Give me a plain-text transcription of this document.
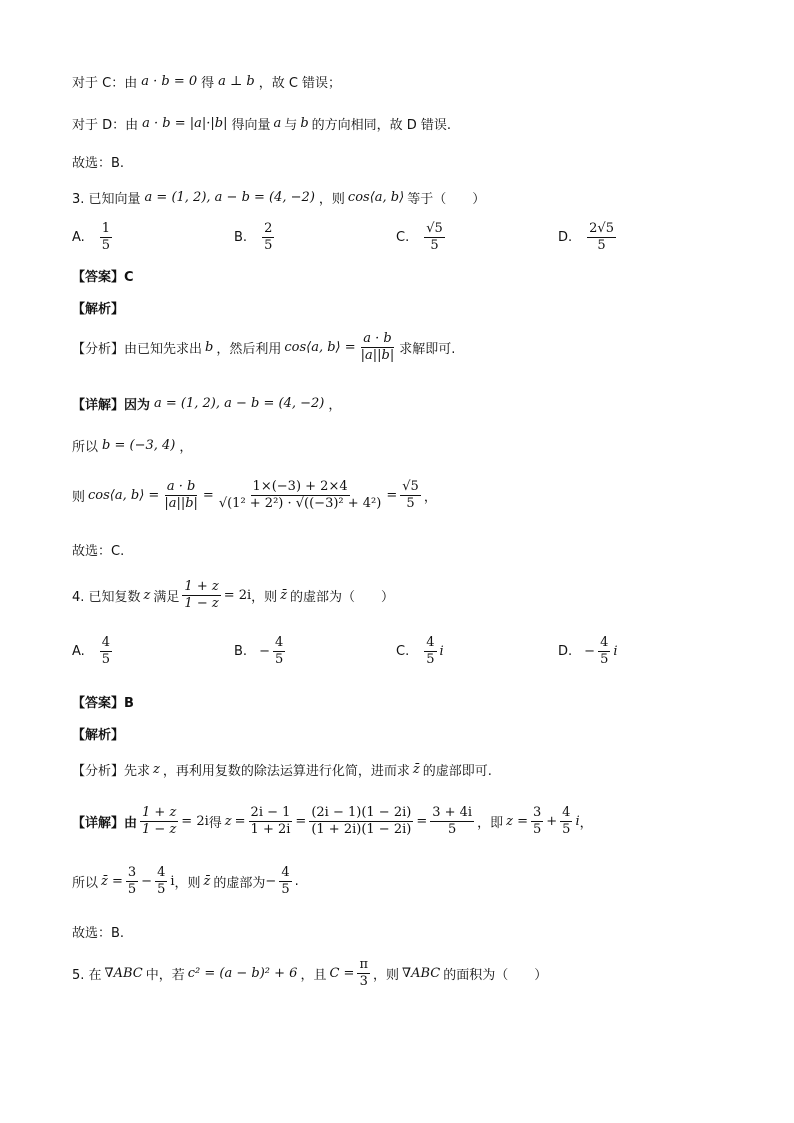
对于 C：由 a · b = 0 得 a ⊥ b ，故 C 错误；
对于 D：由 a · b = |a|·|b| 得向量 a 与 b 的方向相同，故 D 错误.
故选：B.
3. 已知向量 a = (1, 2), a − b = (4, −2) ，则 cos⟨a, b⟩ 等于（　　）
A. $\frac{1}{5}$	B. $\frac{2}{5}$	C. $\frac{√5}{5}$	D. $\frac{2√5}{5}$
【答案】C
【解析】
【分析】由已知先求出 b ，然后利用 cos⟨a, b⟩ = $\frac{a \cdot b}{|a||b|}$ 求解即可.
【详解】因为 a = (1, 2), a − b = (4, −2) ，
所以 b = (−3, 4) ，
则 cos⟨a, b⟩ = $\frac{a \cdot b}{|a||b|} = \frac{1\times(-3) + 2\times 4}{\text{√(1² + 2²) · √((−3)² + 4²)}} = \frac{√5}{5}$ ，
故选：C.
4. 已知复数 z 满足 $\frac{1 + z}{1 - z} = 2i$ ，则 z̄ 的虚部为（　　）
A. $\frac{4}{5}$	B. − $\frac{4}{5}$	C. $\frac{4}{5}$ i	D. − $\frac{4}{5}$ i
【答案】B
【解析】
【分析】先求 z ，再利用复数的除法运算进行化简，进而求 z̄ 的虚部即可.
【详解】由 $\frac{1 + z}{1 - z} = 2i$ 得 $z = \frac{2i - 1}{1 + 2i} = \frac{(2i - 1)(1 - 2i)}{(1 + 2i)(1 - 2i)} = \frac{3 + 4i}{5}$ ，即 $z = \frac{3}{5} + \frac{4}{5}$ i ，
所以 z̄ = $\frac{3}{5} - \frac{4}{5}$ i ，则 z̄ 的虚部为 − $\frac{4}{5}$ .
故选：B.
5. 在 ∇ABC 中，若 c² = (a − b)² + 6 ，且 $C = \frac{\pi}{3}$ ，则 ∇ABC 的面积为（　　）
